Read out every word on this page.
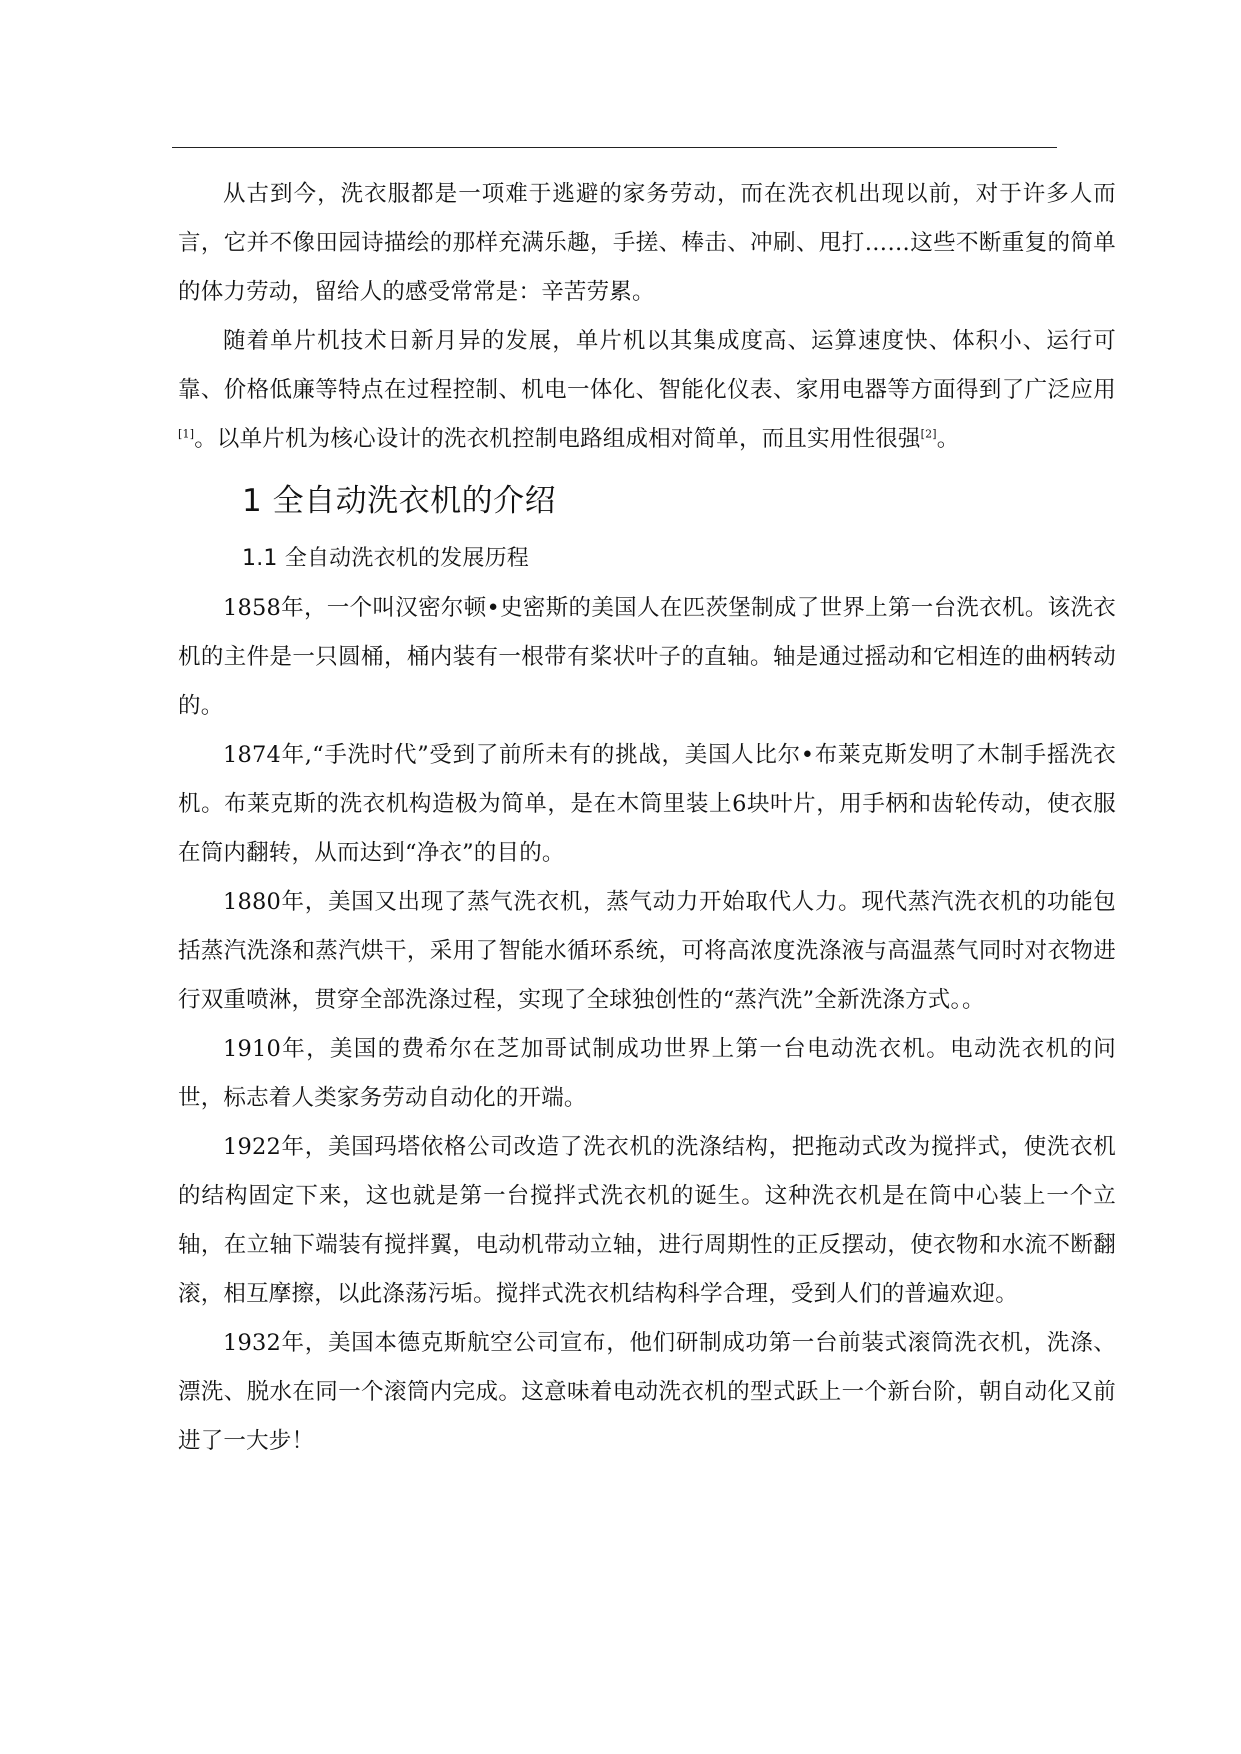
从古到今，洗衣服都是一项难于逃避的家务劳动，而在洗衣机出现以前，对于许多人而言，它并不像田园诗描绘的那样充满乐趣，手搓、棒击、冲刷、甩打……这些不断重复的简单的体力劳动，留给人的感受常常是：辛苦劳累。

随着单片机技术日新月异的发展，单片机以其集成度高、运算速度快、体积小、运行可靠、价格低廉等特点在过程控制、机电一体化、智能化仪表、家用电器等方面得到了广泛应用[1]。以单片机为核心设计的洗衣机控制电路组成相对简单，而且实用性很强[2]。

1 全自动洗衣机的介绍
1.1 全自动洗衣机的发展历程

1858年，一个叫汉密尔顿•史密斯的美国人在匹茨堡制成了世界上第一台洗衣机。该洗衣机的主件是一只圆桶，桶内装有一根带有桨状叶子的直轴。轴是通过摇动和它相连的曲柄转动的。

1874年,“手洗时代”受到了前所未有的挑战，美国人比尔•布莱克斯发明了木制手摇洗衣机。布莱克斯的洗衣机构造极为简单，是在木筒里装上6块叶片，用手柄和齿轮传动，使衣服在筒内翻转，从而达到“净衣”的目的。

1880年，美国又出现了蒸气洗衣机，蒸气动力开始取代人力。现代蒸汽洗衣机的功能包括蒸汽洗涤和蒸汽烘干，采用了智能水循环系统，可将高浓度洗涤液与高温蒸气同时对衣物进行双重喷淋，贯穿全部洗涤过程，实现了全球独创性的“蒸汽洗”全新洗涤方式。。

1910年，美国的费希尔在芝加哥试制成功世界上第一台电动洗衣机。电动洗衣机的问世，标志着人类家务劳动自动化的开端。

1922年，美国玛塔依格公司改造了洗衣机的洗涤结构，把拖动式改为搅拌式，使洗衣机的结构固定下来，这也就是第一台搅拌式洗衣机的诞生。这种洗衣机是在筒中心装上一个立轴，在立轴下端装有搅拌翼，电动机带动立轴，进行周期性的正反摆动，使衣物和水流不断翻滚，相互摩擦，以此涤荡污垢。搅拌式洗衣机结构科学合理，受到人们的普遍欢迎。

1932年，美国本德克斯航空公司宣布，他们研制成功第一台前装式滚筒洗衣机，洗涤、漂洗、脱水在同一个滚筒内完成。这意味着电动洗衣机的型式跃上一个新台阶，朝自动化又前进了一大步！
